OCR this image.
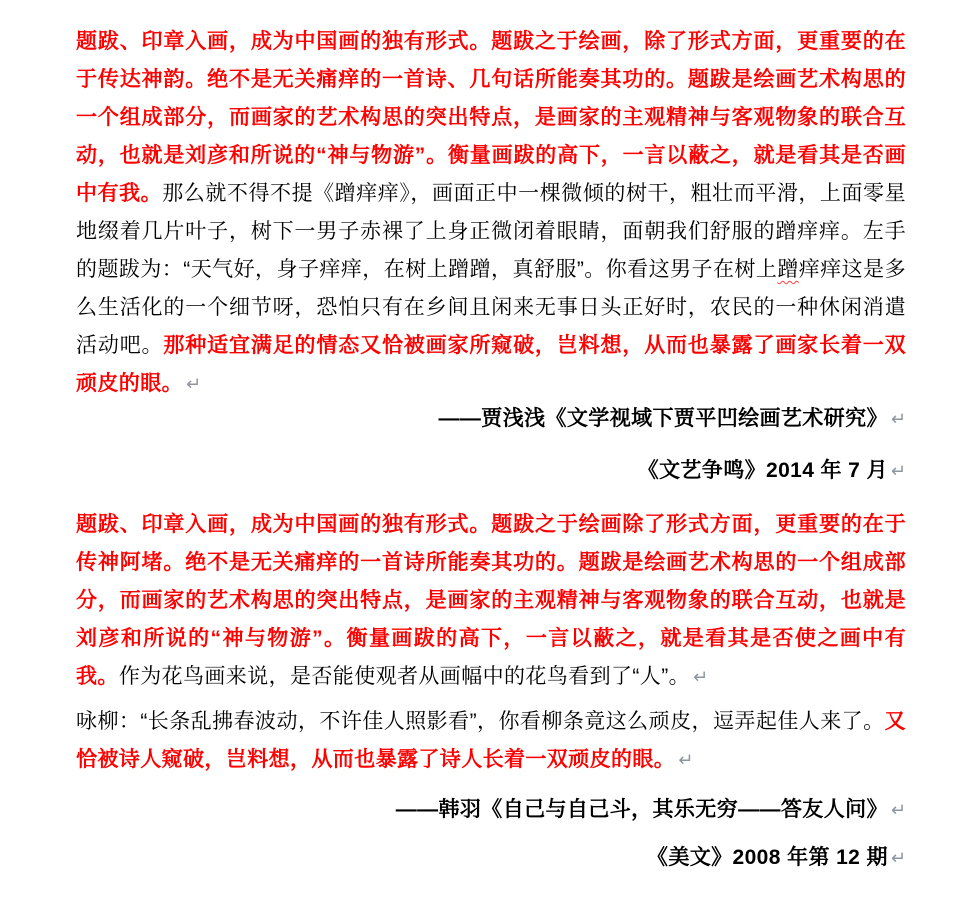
题跋、印章入画，成为中国画的独有形式。题跋之于绘画，除了形式方面，更重要的在于传达神韵。绝不是无关痛痒的一首诗、几句话所能奏其功的。题跋是绘画艺术构思的一个组成部分，而画家的艺术构思的突出特点，是画家的主观精神与客观物象的联合互动，也就是刘彦和所说的“神与物游”。衡量画跋的高下，一言以蔽之，就是看其是否画中有我。那么就不得不提《蹭痒痒》，画面正中一棵微倾的树干，粗壮而平滑，上面零星地缀着几片叶子，树下一男子赤裸了上身正微闭着眼睛，面朝我们舒服的蹭痒痒。左手的题跋为：“天气好，身子痒痒，在树上蹭蹭，真舒服”。你看这男子在树上蹭痒痒这是多么生活化的一个细节呀，恐怕只有在乡间且闲来无事日头正好时，农民的一种休闲消遣活动吧。那种适宜满足的情态又恰被画家所窥破，岂料想，从而也暴露了画家长着一双顽皮的眼。 ↵
——贾浅浅《文学视域下贾平凹绘画艺术研究》 ↵
《文艺争鸣》2014 年 7 月 ↵
题跋、印章入画，成为中国画的独有形式。题跋之于绘画除了形式方面，更重要的在于传神阿堵。绝不是无关痛痒的一首诗所能奏其功的。题跋是绘画艺术构思的一个组成部分，而画家的艺术构思的突出特点，是画家的主观精神与客观物象的联合互动，也就是刘彦和所说的“神与物游”。衡量画跋的高下，一言以蔽之，就是看其是否使之画中有我。作为花鸟画来说，是否能使观者从画幅中的花鸟看到了“人”。 ↵
咏柳：“长条乱拂春波动，不许佳人照影看”，你看柳条竟这么顽皮，逗弄起佳人来了。又恰被诗人窥破，岂料想，从而也暴露了诗人长着一双顽皮的眼。 ↵
——韩羽《自己与自己斗，其乐无穷——答友人问》 ↵
《美文》2008 年第 12 期 ↵
